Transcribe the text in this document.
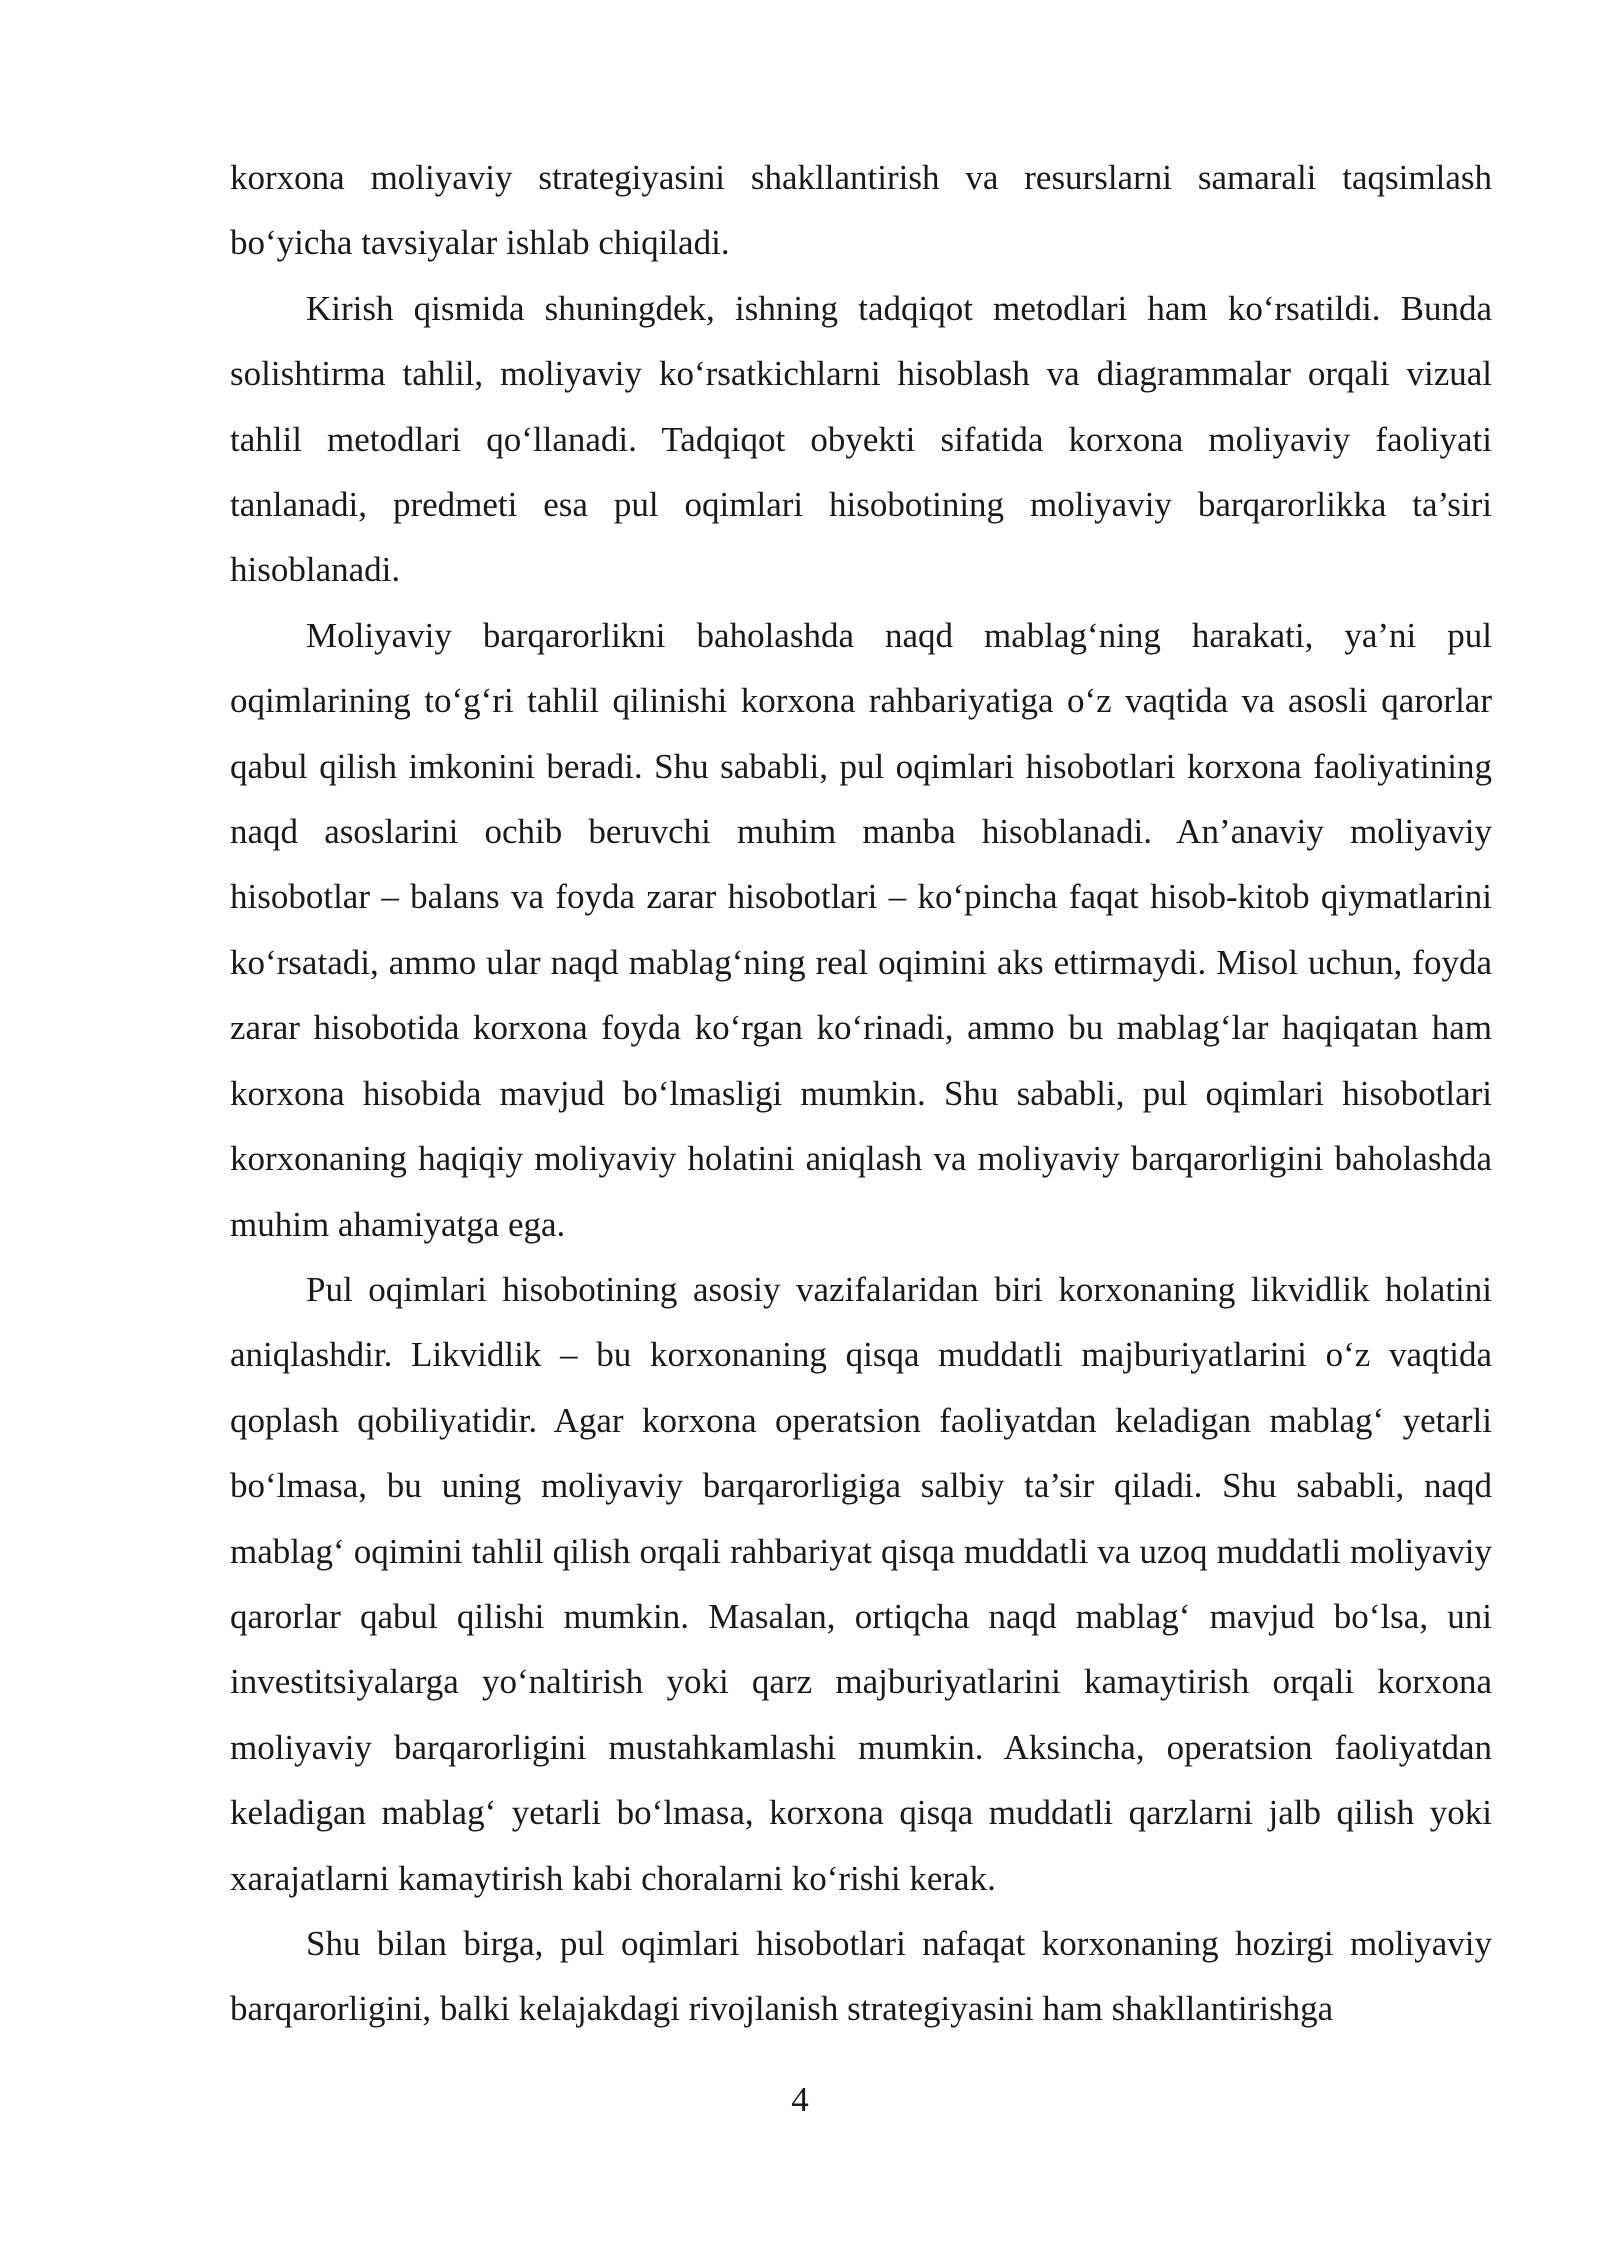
korxona moliyaviy strategiyasini shakllantirish va resurslarni samarali taqsimlash bo‘yicha tavsiyalar ishlab chiqiladi.

Kirish qismida shuningdek, ishning tadqiqot metodlari ham ko‘rsatildi. Bunda solishtirma tahlil, moliyaviy ko‘rsatkichlarni hisoblash va diagrammalar orqali vizual tahlil metodlari qo‘llanadi. Tadqiqot obyekti sifatida korxona moliyaviy faoliyati tanlanadi, predmeti esa pul oqimlari hisobotining moliyaviy barqarorlikka ta’siri hisoblanadi.

Moliyaviy barqarorlikni baholashda naqd mablag‘ning harakati, ya’ni pul oqimlarining to‘g‘ri tahlil qilinishi korxona rahbariyatiga o‘z vaqtida va asosli qarorlar qabul qilish imkonini beradi. Shu sababli, pul oqimlari hisobotlari korxona faoliyatining naqd asoslarini ochib beruvchi muhim manba hisoblanadi. An’anaviy moliyaviy hisobotlar – balans va foyda zarar hisobotlari – ko‘pincha faqat hisob-kitob qiymatlarini ko‘rsatadi, ammo ular naqd mablag‘ning real oqimini aks ettirmaydi. Misol uchun, foyda zarar hisobotida korxona foyda ko‘rgan ko‘rinadi, ammo bu mablag‘lar haqiqatan ham korxona hisobida mavjud bo‘lmasligi mumkin. Shu sababli, pul oqimlari hisobotlari korxonaning haqiqiy moliyaviy holatini aniqlash va moliyaviy barqarorligini baholashda muhim ahamiyatga ega.

Pul oqimlari hisobotining asosiy vazifalaridan biri korxonaning likvidlik holatini aniqlashdir. Likvidlik – bu korxonaning qisqa muddatli majburiyatlarini o‘z vaqtida qoplash qobiliyatidir. Agar korxona operatsion faoliyatdan keladigan mablag‘ yetarli bo‘lmasa, bu uning moliyaviy barqarorligiga salbiy ta’sir qiladi. Shu sababli, naqd mablag‘ oqimini tahlil qilish orqali rahbariyat qisqa muddatli va uzoq muddatli moliyaviy qarorlar qabul qilishi mumkin. Masalan, ortiqcha naqd mablag‘ mavjud bo‘lsa, uni investitsiyalarga yo‘naltirish yoki qarz majburiyatlarini kamaytirish orqali korxona moliyaviy barqarorligini mustahkamlashi mumkin. Aksincha, operatsion faoliyatdan keladigan mablag‘ yetarli bo‘lmasa, korxona qisqa muddatli qarzlarni jalb qilish yoki xarajatlarni kamaytirish kabi choralarni ko‘rishi kerak.

Shu bilan birga, pul oqimlari hisobotlari nafaqat korxonaning hozirgi moliyaviy barqarorligini, balki kelajakdagi rivojlanish strategiyasini ham shakllantirishga

4
